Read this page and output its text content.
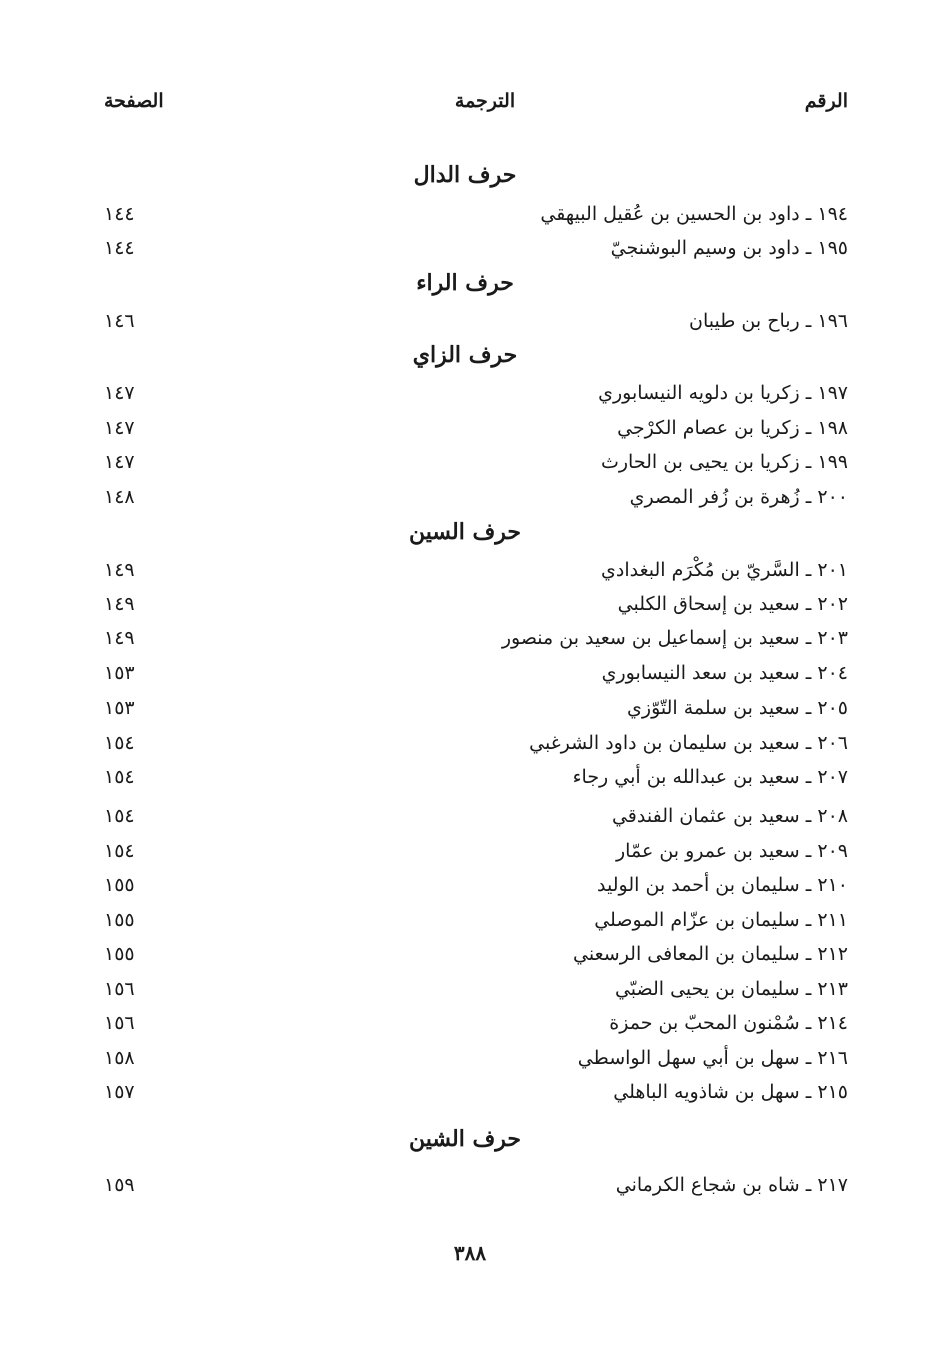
الرقم
الترجمة
الصفحة
حرف الدال
١٩٤ ـ داود بن الحسين بن عُقيل البيهقي
١٤٤
١٩٥ ـ داود بن وسيم البوشنجيّ
١٤٤
حرف الراء
١٩٦ ـ رباح بن طيبان
١٤٦
حرف الزاي
١٩٧ ـ زكريا بن دلويه النيسابوري
١٤٧
١٩٨ ـ زكريا بن عصام الكرْجي
١٤٧
١٩٩ ـ زكريا بن يحيى بن الحارث
١٤٧
٢٠٠ ـ زُهرة بن زُفر المصري
١٤٨
حرف السين
٢٠١ ـ السَّريّ بن مُكْرَم البغدادي
١٤٩
٢٠٢ ـ سعيد بن إسحاق الكلبي
١٤٩
٢٠٣ ـ سعيد بن إسماعيل بن سعيد بن منصور
١٤٩
٢٠٤ ـ سعيد بن سعد النيسابوري
١٥٣
٢٠٥ ـ سعيد بن سلمة التّوّزي
١٥٣
٢٠٦ ـ سعيد بن سليمان بن داود الشرغبي
١٥٤
٢٠٧ ـ سعيد بن عبدالله بن أبي رجاء
١٥٤
٢٠٨ ـ سعيد بن عثمان الفندقي
١٥٤
٢٠٩ ـ سعيد بن عمرو بن عمّار
١٥٤
٢١٠ ـ سليمان بن أحمد بن الوليد
١٥٥
٢١١ ـ سليمان بن عزّام الموصلي
١٥٥
٢١٢ ـ سليمان بن المعافى الرسعني
١٥٥
٢١٣ ـ سليمان بن يحيى الضبّي
١٥٦
٢١٤ ـ سُمْنون المحبّ بن حمزة
١٥٦
٢١٦ ـ سهل بن أبي سهل الواسطي
١٥٨
٢١٥ ـ سهل بن شاذويه الباهلي
١٥٧
حرف الشين
٢١٧ ـ شاه بن شجاع الكرماني
١٥٩
٣٨٨
